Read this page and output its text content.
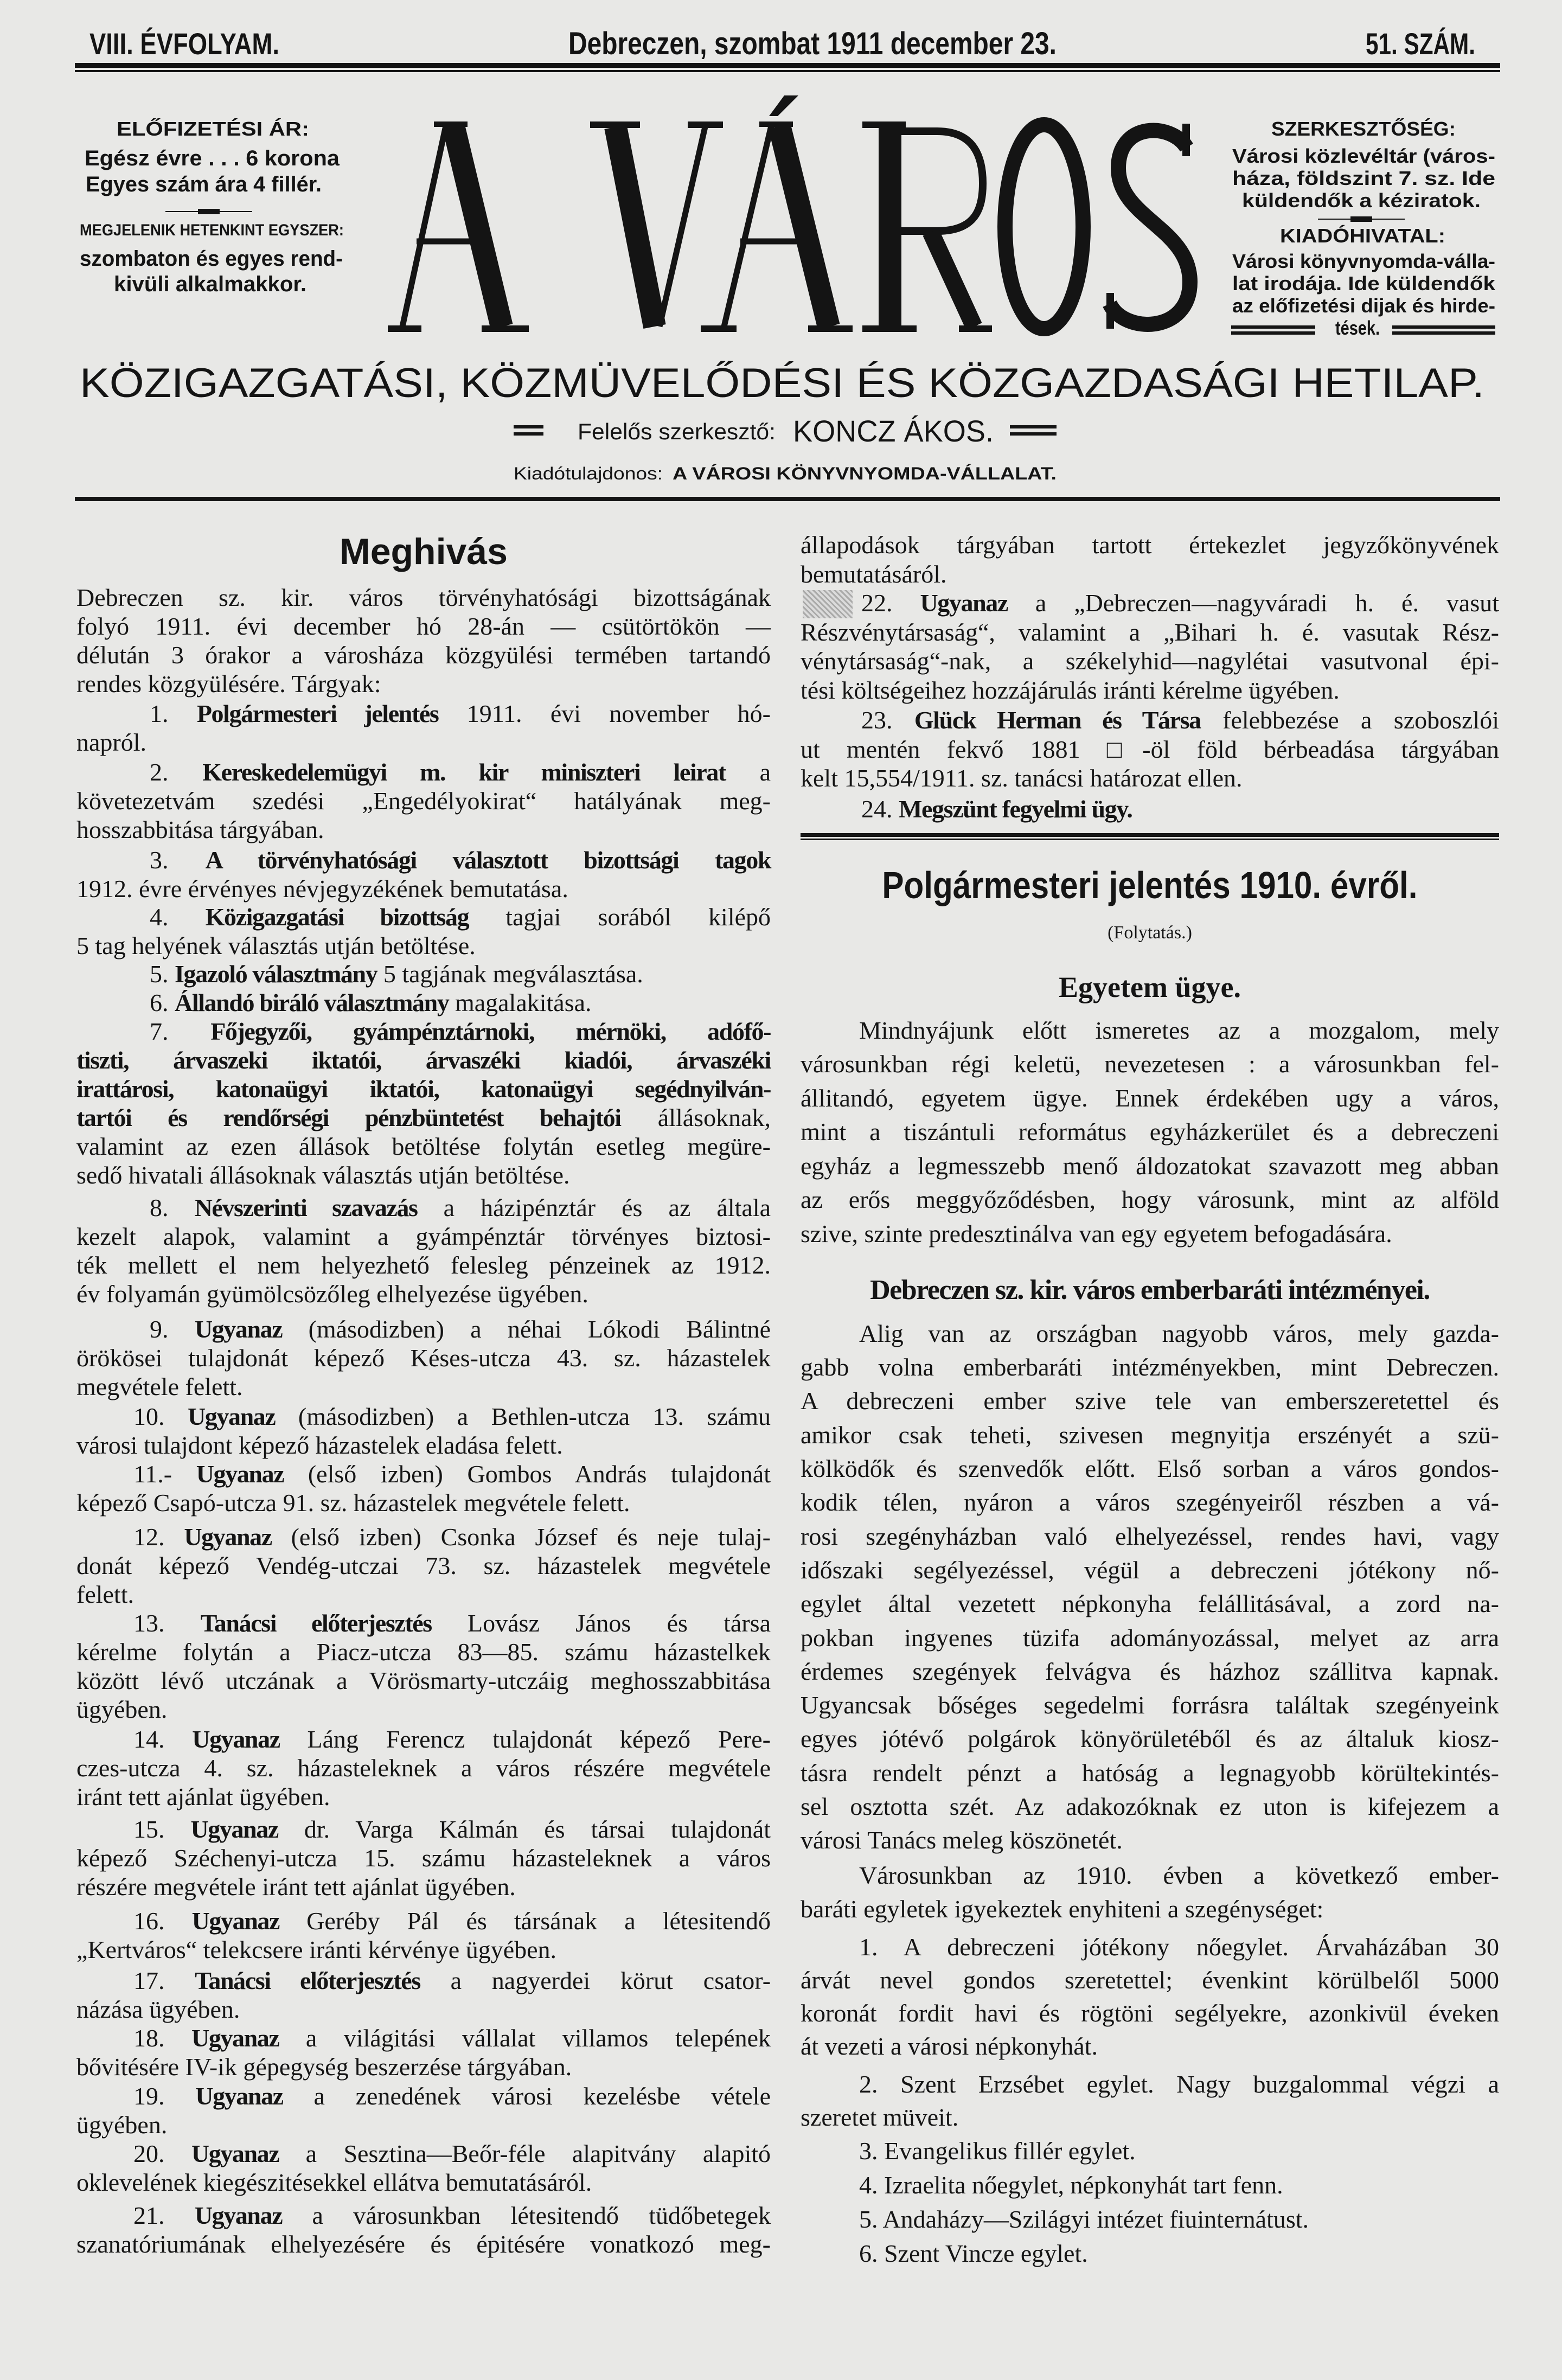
VIII. ÉVFOLYAM.	Debreczen, szombat 1911 december 23.	51. SZÁM.
ELŐFIZETÉSI ÁR:
Egész évre . . . 6 korona
Egyes szám ára 4 fillér.
MEGJELENIK HETENKINT EGYSZER:
szombaton és egyes rend-
kivüli alkalmakkor.
SZERKESZTŐSÉG:
Városi közlevéltár (város-
háza, földszint 7. sz. Ide
küldendők a kéziratok.
KIADÓHIVATAL:
Városi könyvnyomda-válla-
lat irodája. Ide küldendők
az előfizetési dijak és hirde-
tések.
KÖZIGAZGATÁSI, KÖZMÜVELŐDÉSI ÉS KÖZGAZDASÁGI HETILAP.
Felelős szerkesztő: KONCZ ÁKOS.
Kiadótulajdonos: A VÁROSI KÖNYVNYOMDA-VÁLLALAT.
Meghivás
Debreczen sz. kir. város törvényhatósági bizottságának
folyó 1911. évi december hó 28-án — csütörtökön —
délután 3 órakor a városháza közgyülési termében tartandó
rendes közgyülésére. Tárgyak:
1. Polgármesteri jelentés 1911. évi november hó-
napról.
2. Kereskedelemügyi m. kir miniszteri leirat a
követezetvám szedési „Engedélyokirat“ hatályának meg-
hosszabbitása tárgyában.
3. A törvényhatósági választott bizottsági tagok
1912. évre érvényes névjegyzékének bemutatása.
4. Közigazgatási bizottság tagjai sorából kilépő
5 tag helyének választás utján betöltése.
5. Igazoló választmány 5 tagjának megválasztása.
6. Állandó biráló választmány magalakitása.
7. Főjegyzői, gyámpénztárnoki, mérnöki, adófő-
tiszti, árvaszeki iktatói, árvaszéki kiadói, árvaszéki
irattárosi, katonaügyi iktatói, katonaügyi segédnyilván-
tartói és rendőrségi pénzbüntetést behajtói állásoknak,
valamint az ezen állások betöltése folytán esetleg megüre-
sedő hivatali állásoknak választás utján betöltése.
8. Névszerinti szavazás a házipénztár és az általa
kezelt alapok, valamint a gyámpénztár törvényes biztosi-
ték mellett el nem helyezhető felesleg pénzeinek az 1912.
év folyamán gyümölcsözőleg elhelyezése ügyében.
9. Ugyanaz (másodizben) a néhai Lókodi Bálintné
örökösei tulajdonát képező Késes-utcza 43. sz. házastelek
megvétele felett.
10. Ugyanaz (másodizben) a Bethlen-utcza 13. számu
városi tulajdont képező házastelek eladása felett.
11.- Ugyanaz (első izben) Gombos András tulajdonát
képező Csapó-utcza 91. sz. házastelek megvétele felett.
12. Ugyanaz (első izben) Csonka József és neje tulaj-
donát képező Vendég-utczai 73. sz. házastelek megvétele
felett.
13. Tanácsi előterjesztés Lovász János és társa
kérelme folytán a Piacz-utcza 83—85. számu házastelkek
között lévő utczának a Vörösmarty-utczáig meghosszabbitása
ügyében.
14. Ugyanaz Láng Ferencz tulajdonát képező Pere-
czes-utcza 4. sz. házasteleknek a város részére megvétele
iránt tett ajánlat ügyében.
15. Ugyanaz dr. Varga Kálmán és társai tulajdonát
képező Széchenyi-utcza 15. számu házasteleknek a város
részére megvétele iránt tett ajánlat ügyében.
16. Ugyanaz Geréby Pál és társának a létesitendő
„Kertváros“ telekcsere iránti kérvénye ügyében.
17. Tanácsi előterjesztés a nagyerdei körut csator-
názása ügyében.
18. Ugyanaz a világitási vállalat villamos telepének
bővitésére IV-ik gépegység beszerzése tárgyában.
19. Ugyanaz a zenedének városi kezelésbe vétele
ügyében.
20. Ugyanaz a Sesztina—Beőr-féle alapitvány alapitó
oklevelének kiegészitésekkel ellátva bemutatásáról.
21. Ugyanaz a városunkban létesitendő tüdőbetegek
szanatóriumának elhelyezésére és épitésére vonatkozó meg-
állapodások tárgyában tartott értekezlet jegyzőkönyvének
bemutatásáról.
22. Ugyanaz a „Debreczen—nagyváradi h. é. vasut
Részvénytársaság“, valamint a „Bihari h. é. vasutak Rész-
vénytársaság“-nak, a székelyhid—nagylétai vasutvonal épi-
tési költségeihez hozzájárulás iránti kérelme ügyében.
23. Glück Herman és Társa felebbezése a szoboszlói
ut mentén fekvő 1881 □-öl föld bérbeadása tárgyában
kelt 15,554/1911. sz. tanácsi határozat ellen.
24. Megszünt fegyelmi ügy.
Polgármesteri jelentés 1910. évről.
(Folytatás.)
Egyetem ügye.
Mindnyájunk előtt ismeretes az a mozgalom, mely
városunkban régi keletü, nevezetesen : a városunkban fel-
állitandó, egyetem ügye. Ennek érdekében ugy a város,
mint a tiszántuli református egyházkerület és a debreczeni
egyház a legmesszebb menő áldozatokat szavazott meg abban
az erős meggyőződésben, hogy városunk, mint az alföld
szive, szinte predesztinálva van egy egyetem befogadására.
Debreczen sz. kir. város emberbaráti intézményei.
Alig van az országban nagyobb város, mely gazda-
gabb volna emberbaráti intézményekben, mint Debreczen.
A debreczeni ember szive tele van emberszeretettel és
amikor csak teheti, szivesen megnyitja erszényét a szü-
kölködők és szenvedők előtt. Első sorban a város gondos-
kodik télen, nyáron a város szegényeiről részben a vá-
rosi szegényházban való elhelyezéssel, rendes havi, vagy
időszaki segélyezéssel, végül a debreczeni jótékony nő-
egylet által vezetett népkonyha felállitásával, a zord na-
pokban ingyenes tüzifa adományozással, melyet az arra
érdemes szegények felvágva és házhoz szállitva kapnak.
Ugyancsak bőséges segedelmi forrásra találtak szegényeink
egyes jótévő polgárok könyörületéből és az általuk kiosz-
tásra rendelt pénzt a hatóság a legnagyobb körültekintés-
sel osztotta szét. Az adakozóknak ez uton is kifejezem a
városi Tanács meleg köszönetét.
Városunkban az 1910. évben a következő ember-
baráti egyletek igyekeztek enyhiteni a szegénységet:
1. A debreczeni jótékony nőegylet. Árvaházában 30
árvát nevel gondos szeretettel; évenkint körülbelől 5000
koronát fordit havi és rögtöni segélyekre, azonkivül éveken
át vezeti a városi népkonyhát.
2. Szent Erzsébet egylet. Nagy buzgalommal végzi a
szeretet müveit.
3. Evangelikus fillér egylet.
4. Izraelita nőegylet, népkonyhát tart fenn.
5. Andaházy—Szilágyi intézet fiuinternátust.
6. Szent Vincze egylet.
